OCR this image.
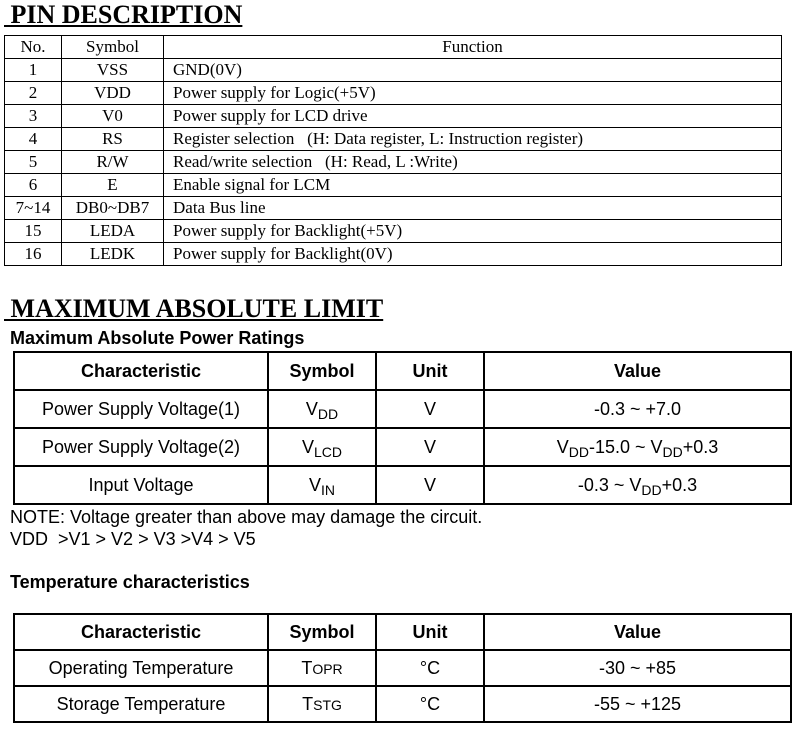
PIN DESCRIPTION
No.	Symbol	Function
1	VSS	GND(0V)
2	VDD	Power supply for Logic(+5V)
3	V0	Power supply for LCD drive
4	RS	Register selection   (H: Data register, L: Instruction register)
5	R/W	Read/write selection   (H: Read, L :Write)
6	E	Enable signal for LCM
7~14	DB0~DB7	Data Bus line
15	LEDA	Power supply for Backlight(+5V)
16	LEDK	Power supply for Backlight(0V)
MAXIMUM ABSOLUTE LIMIT
Maximum Absolute Power Ratings
Characteristic	Symbol	Unit	Value
Power Supply Voltage(1)	$V_{DD}$	V	-0.3 ~ +7.0
Power Supply Voltage(2)	$V_{LCD}$	V	$V_{DD}-15.0$ ~ $V_{DD}+0.3$
Input Voltage	$V_{IN}$	V	-0.3 ~ $V_{DD}+0.3$
NOTE: Voltage greater than above may damage the circuit.
VDD  >V1 > V2 > V3 >V4 > V5
Temperature characteristics
Characteristic	Symbol	Unit	Value
Operating Temperature	TOPR	°C	-30 ~ +85
Storage Temperature	TSTG	°C	-55 ~ +125
